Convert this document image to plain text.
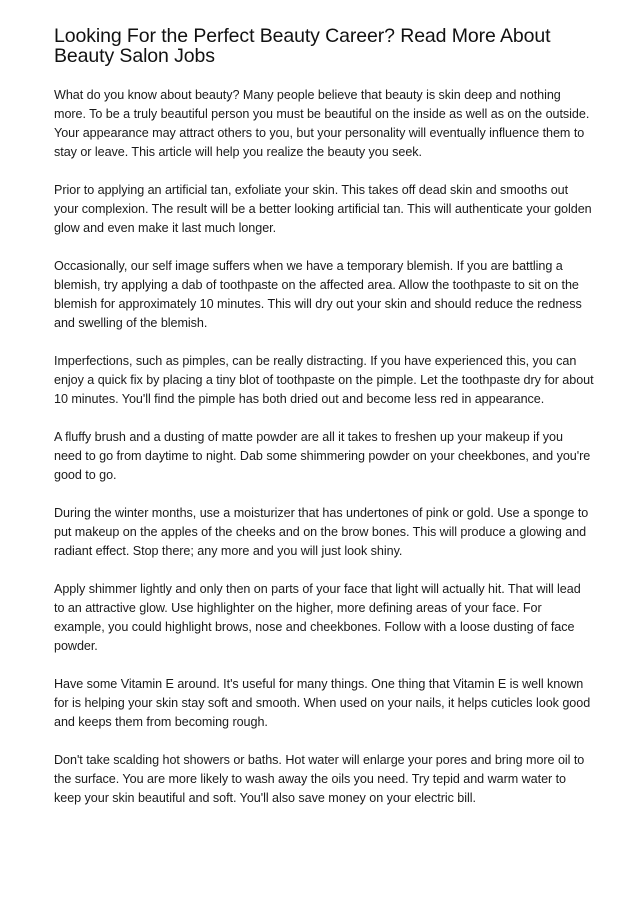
Looking For the Perfect Beauty Career? Read More About Beauty Salon Jobs

What do you know about beauty? Many people believe that beauty is skin deep and nothing more. To be a truly beautiful person you must be beautiful on the inside as well as on the outside. Your appearance may attract others to you, but your personality will eventually influence them to stay or leave. This article will help you realize the beauty you seek.

Prior to applying an artificial tan, exfoliate your skin. This takes off dead skin and smooths out your complexion. The result will be a better looking artificial tan. This will authenticate your golden glow and even make it last much longer.

Occasionally, our self image suffers when we have a temporary blemish. If you are battling a blemish, try applying a dab of toothpaste on the affected area. Allow the toothpaste to sit on the blemish for approximately 10 minutes. This will dry out your skin and should reduce the redness and swelling of the blemish.

Imperfections, such as pimples, can be really distracting. If you have experienced this, you can enjoy a quick fix by placing a tiny blot of toothpaste on the pimple. Let the toothpaste dry for about 10 minutes. You'll find the pimple has both dried out and become less red in appearance.

A fluffy brush and a dusting of matte powder are all it takes to freshen up your makeup if you need to go from daytime to night. Dab some shimmering powder on your cheekbones, and you're good to go.

During the winter months, use a moisturizer that has undertones of pink or gold. Use a sponge to put makeup on the apples of the cheeks and on the brow bones. This will produce a glowing and radiant effect. Stop there; any more and you will just look shiny.

Apply shimmer lightly and only then on parts of your face that light will actually hit. That will lead to an attractive glow. Use highlighter on the higher, more defining areas of your face. For example, you could highlight brows, nose and cheekbones. Follow with a loose dusting of face powder.

Have some Vitamin E around. It's useful for many things. One thing that Vitamin E is well known for is helping your skin stay soft and smooth. When used on your nails, it helps cuticles look good and keeps them from becoming rough.

Don't take scalding hot showers or baths. Hot water will enlarge your pores and bring more oil to the surface. You are more likely to wash away the oils you need. Try tepid and warm water to keep your skin beautiful and soft. You'll also save money on your electric bill.
